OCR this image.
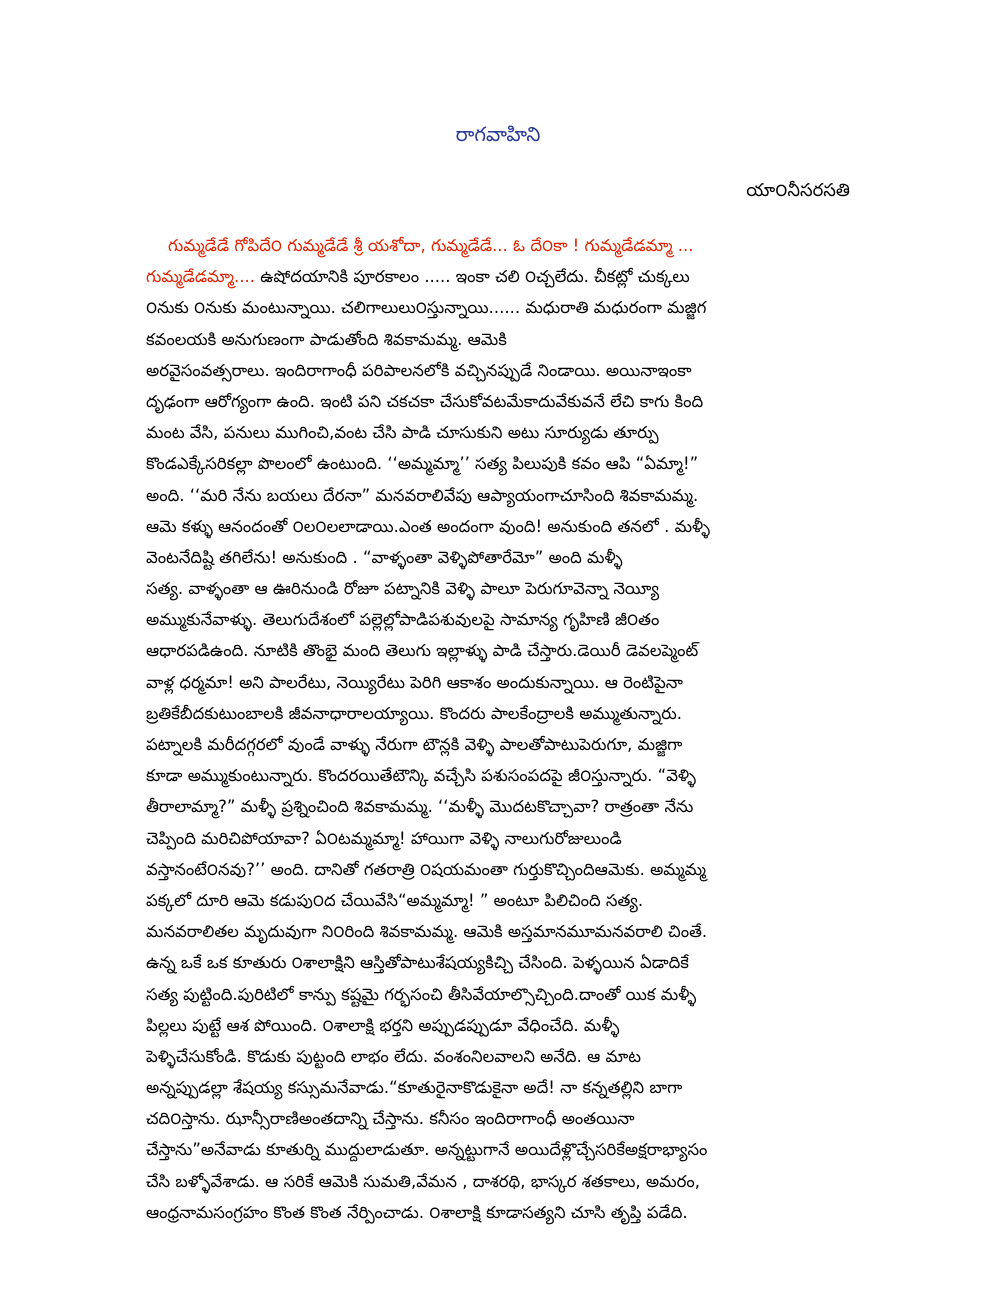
రాగవాహిని
యా౦నీసరసతి
గుమ్మడేడే గోపిదే౦ గుమ్మడేడే శ్రీ యశోదా, గుమ్మడేడే... ఓ దే౦కా ! గుమ్మడేడమ్మా ...
గుమ్మడేడమ్మా.... ఉషోదయానికి పూరకాలం ..... ఇంకా చలి ౦చ్చలేదు. చీకట్లో చుక్కలు
౦నుకు ౦నుకు మంటున్నాయి. చలిగాలులు౦స్తున్నాయి...... మధురాతి మధురంగా మజ్జిగ
కవంలయకి అనుగుణంగా పాడుతోంది శివకామమ్మ. ఆమెకి
అరవైసంవత్సరాలు. ఇందిరాగాంధీ పరిపాలనలోకి వచ్చినప్పుడే నిండాయి. అయినాఇంకా
దృఢంగా ఆరోగ్యంగా ఉంది. ఇంటి పని చకచకా చేసుకోవటమేకాదువేకువనే లేచి కాగు కింది
మంట వేసి, పనులు ముగించి,వంట చేసి పాడి చూసుకుని అటు సూర్యుడు తూర్పు
కొండఎక్కేసరికల్లా పొలంలో ఉంటుంది. ‘‘అమ్మమ్మా’’ సత్య పిలుపుకి కవం ఆపి “ఏమ్మా!”
అంది. ‘‘మరి నేను బయలు దేరనా” మనవరాలివేపు ఆప్యాయంగాచూసింది శివకామమ్మ.
ఆమె కళ్ళు ఆనందంతో ౦ల౦లలాడాయి.ఎంత అందంగా వుంది! అనుకుంది తనలో . మళ్ళీ
వెంటనేదిష్టి తగిలేను! అనుకుంది . “వాళ్ళంతా వెళ్ళిపోతారేమో” అంది మళ్ళీ
సత్య. వాళ్ళంతా ఆ ఊరినుండి రోజూ పట్నానికి వెళ్ళి పాలూ పెరుగూవెన్నా నెయ్యీ
అమ్ముకునేవాళ్ళు. తెలుగుదేశంలో పల్లెల్లోపాడిపశువులపై సామాన్య గృహిణి జీ౦తం
ఆధారపడిఉంది. నూటికి తొంభై మంది తెలుగు ఇల్లాళ్ళు పాడి చేస్తారు.డెయిరీ డెవలప్మెంట్
వాళ్ల ధర్మమా! అని పాలరేటు, నెయ్యిరేటు పెరిగి ఆకాశం అందుకున్నాయి. ఆ రెంటిపైనా
బ్రతికేబీదకుటుంబాలకి జీవనాధారాలయ్యాయి. కొందరు పాలకేంద్రాలకి అమ్ముతున్నారు.
పట్నాలకి మరీదగ్గరలో వుండే వాళ్ళు నేరుగా టౌన్లకి వెళ్ళి పాలతోపాటుపెరుగూ, మజ్జిగా
కూడా అమ్ముకుంటున్నారు. కొందరయితేటౌన్కి వచ్చేసి పశుసంపదపై జీ౦స్తున్నారు. “వెళ్ళి
తీరాలామ్మా?” మళ్ళీ ప్రశ్నించింది శివకామమ్మ. ‘‘మళ్ళీ మొదటకొచ్చావా? రాత్రంతా నేను
చెప్పింది మరిచిపోయావా? ఏ౦టమ్మమ్మా! హాయిగా వెళ్ళి నాలుగురోజులుండి
వస్తానంటే౦నవు?’’ అంది. దానితో గతరాత్రి ౦షయమంతా గుర్తుకొచ్చిందిఆమెకు. అమ్మమ్మ
పక్కలో దూరి ఆమె కడుపు౦ద చేయివేసి“అమ్మమ్మా! ” అంటూ పిలిచింది సత్య.
మనవరాలితల మృదువుగా ని౦రింది శివకామమ్మ. ఆమెకి అస్తమానమూమనవరాలి చింతే.
ఉన్న ఒకే ఒక కూతురు ౦శాలాక్షిని ఆస్తితోపాటుశేషయ్యకిచ్చి చేసింది. పెళ్ళయిన ఏడాదికే
సత్య పుట్టింది.పురిటిలో కాన్పు కష్టమై గర్భసంచి తీసివేయాల్సొచ్చింది.దాంతో యిక మళ్ళీ
పిల్లలు పుట్టే ఆశ పోయింది. ౦శాలాక్షి భర్తని అప్పుడప్పుడూ వేధించేది. మళ్ళీ
పెళ్ళిచేసుకోండి. కొడుకు పుట్టంది లాభం లేదు. వంశంనిలవాలని అనేది. ఆ మాట
అన్నప్పుడల్లా శేషయ్య కస్సుమనేవాడు.“కూతురైనాకొడుకైనా అదే! నా కన్నతల్లిని బాగా
చది౦స్తాను. ఝాన్సీరాణిఅంతదాన్ని చేస్తాను. కనీసం ఇందిరాగాంధీ అంతయినా
చేస్తాను”అనేవాడు కూతుర్ని ముద్దులాడుతూ. అన్నట్టుగానే అయిదేళ్లొచ్చేసరికేఅక్షరాభ్యాసం
చేసి బళ్ళోవేశాడు. ఆ సరికే ఆమెకి సుమతి,వేమన , దాశరథి, భాస్కర శతకాలు, అమరం,
ఆంధ్రనామసంగ్రహం కొంత కొంత నేర్పించాడు. ౦శాలాక్షి కూడాసత్యని చూసి తృప్తి పడేది.
